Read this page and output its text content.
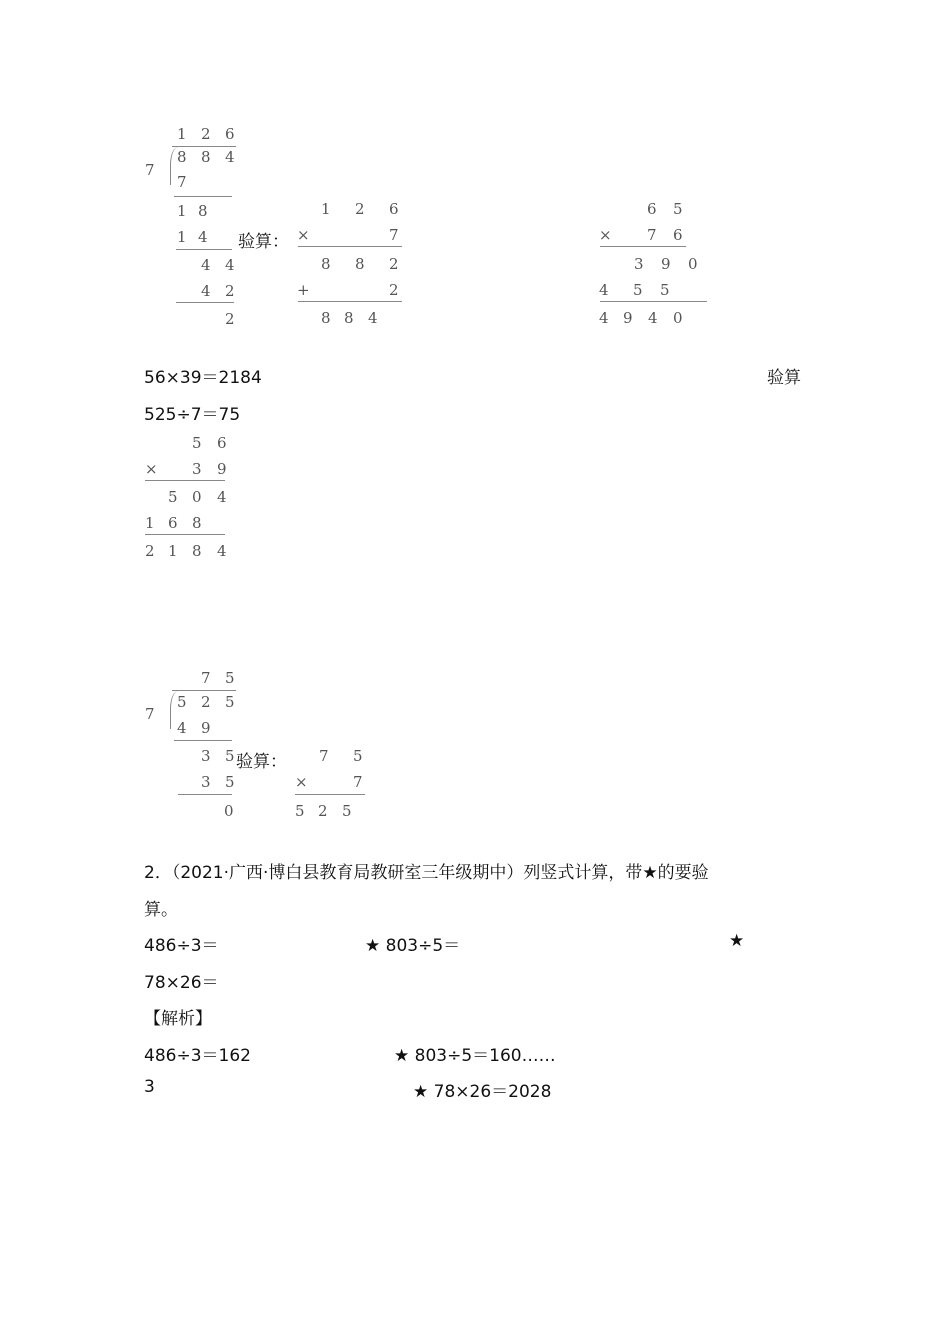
1 2 6
7
8 8 4
7
1 8
1 4
4 4
4 2
2
验算：
1 2 6
×	7
8 8 2
+	2
8 8 4
6 5
× 7 6
3 9 0
4 5 5
4 9 4 0
56×39＝2184	验算
525÷7＝75
5 6
× 3 9
5 0 4
1 6 8
2 1 8 4
7 5
7
5 2 5
4 9
3 5
3 5
0
验算： 7 5
×	7
5 2 5
2．（2021·广西·博白县教育局教研室三年级期中）列竖式计算，带★的要验
算。
486÷3＝	★ 803÷5＝	★
78×26＝
【解析】
486÷3＝162	★ 803÷5＝160……
3	★ 78×26＝2028
